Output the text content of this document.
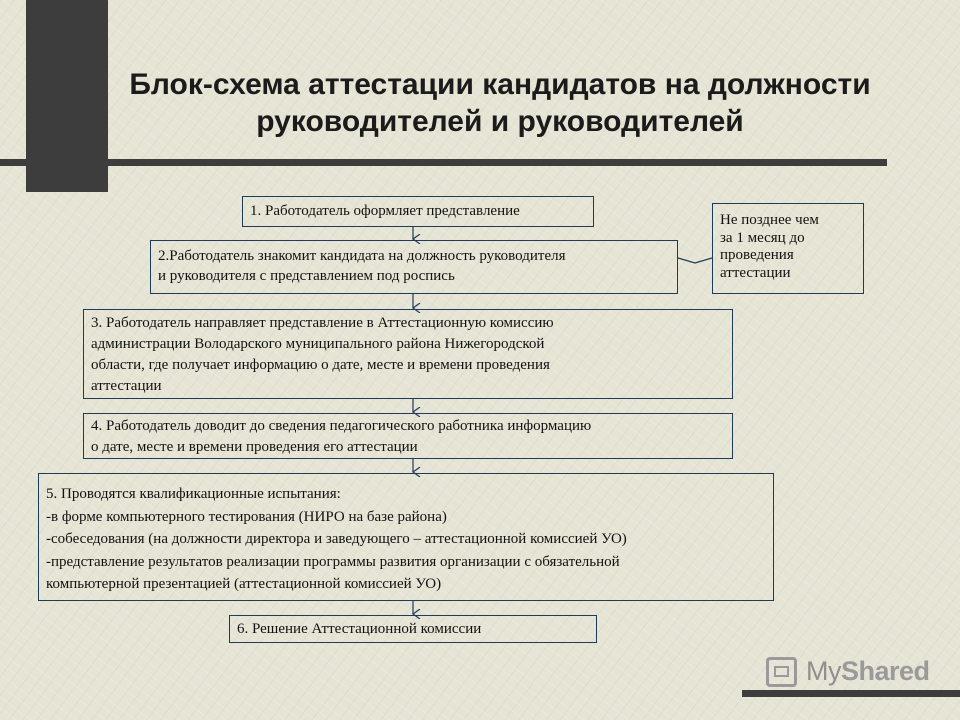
Блок-схема аттестации кандидатов на должности
руководителей и руководителей
1. Работодатель оформляет представление
2.Работодатель знакомит кандидата на должность руководителя
и руководителя с представлением под роспись
Не позднее чем
за 1 месяц до
проведения
аттестации
3. Работодатель направляет представление в Аттестационную комиссию
администрации Володарского муниципального района Нижегородской
области, где получает информацию о дате, месте и времени проведения
аттестации
4. Работодатель доводит до сведения педагогического работника информацию
о дате, месте и времени проведения его аттестации
5. Проводятся квалификационные испытания:
-в форме компьютерного тестирования (НИРО на базе района)
-собеседования (на должности директора и заведующего – аттестационной комиссией УО)
-представление результатов реализации программы развития организации с обязательной
компьютерной презентацией (аттестационной комиссией УО)
6. Решение Аттестационной комиссии
MyShared
